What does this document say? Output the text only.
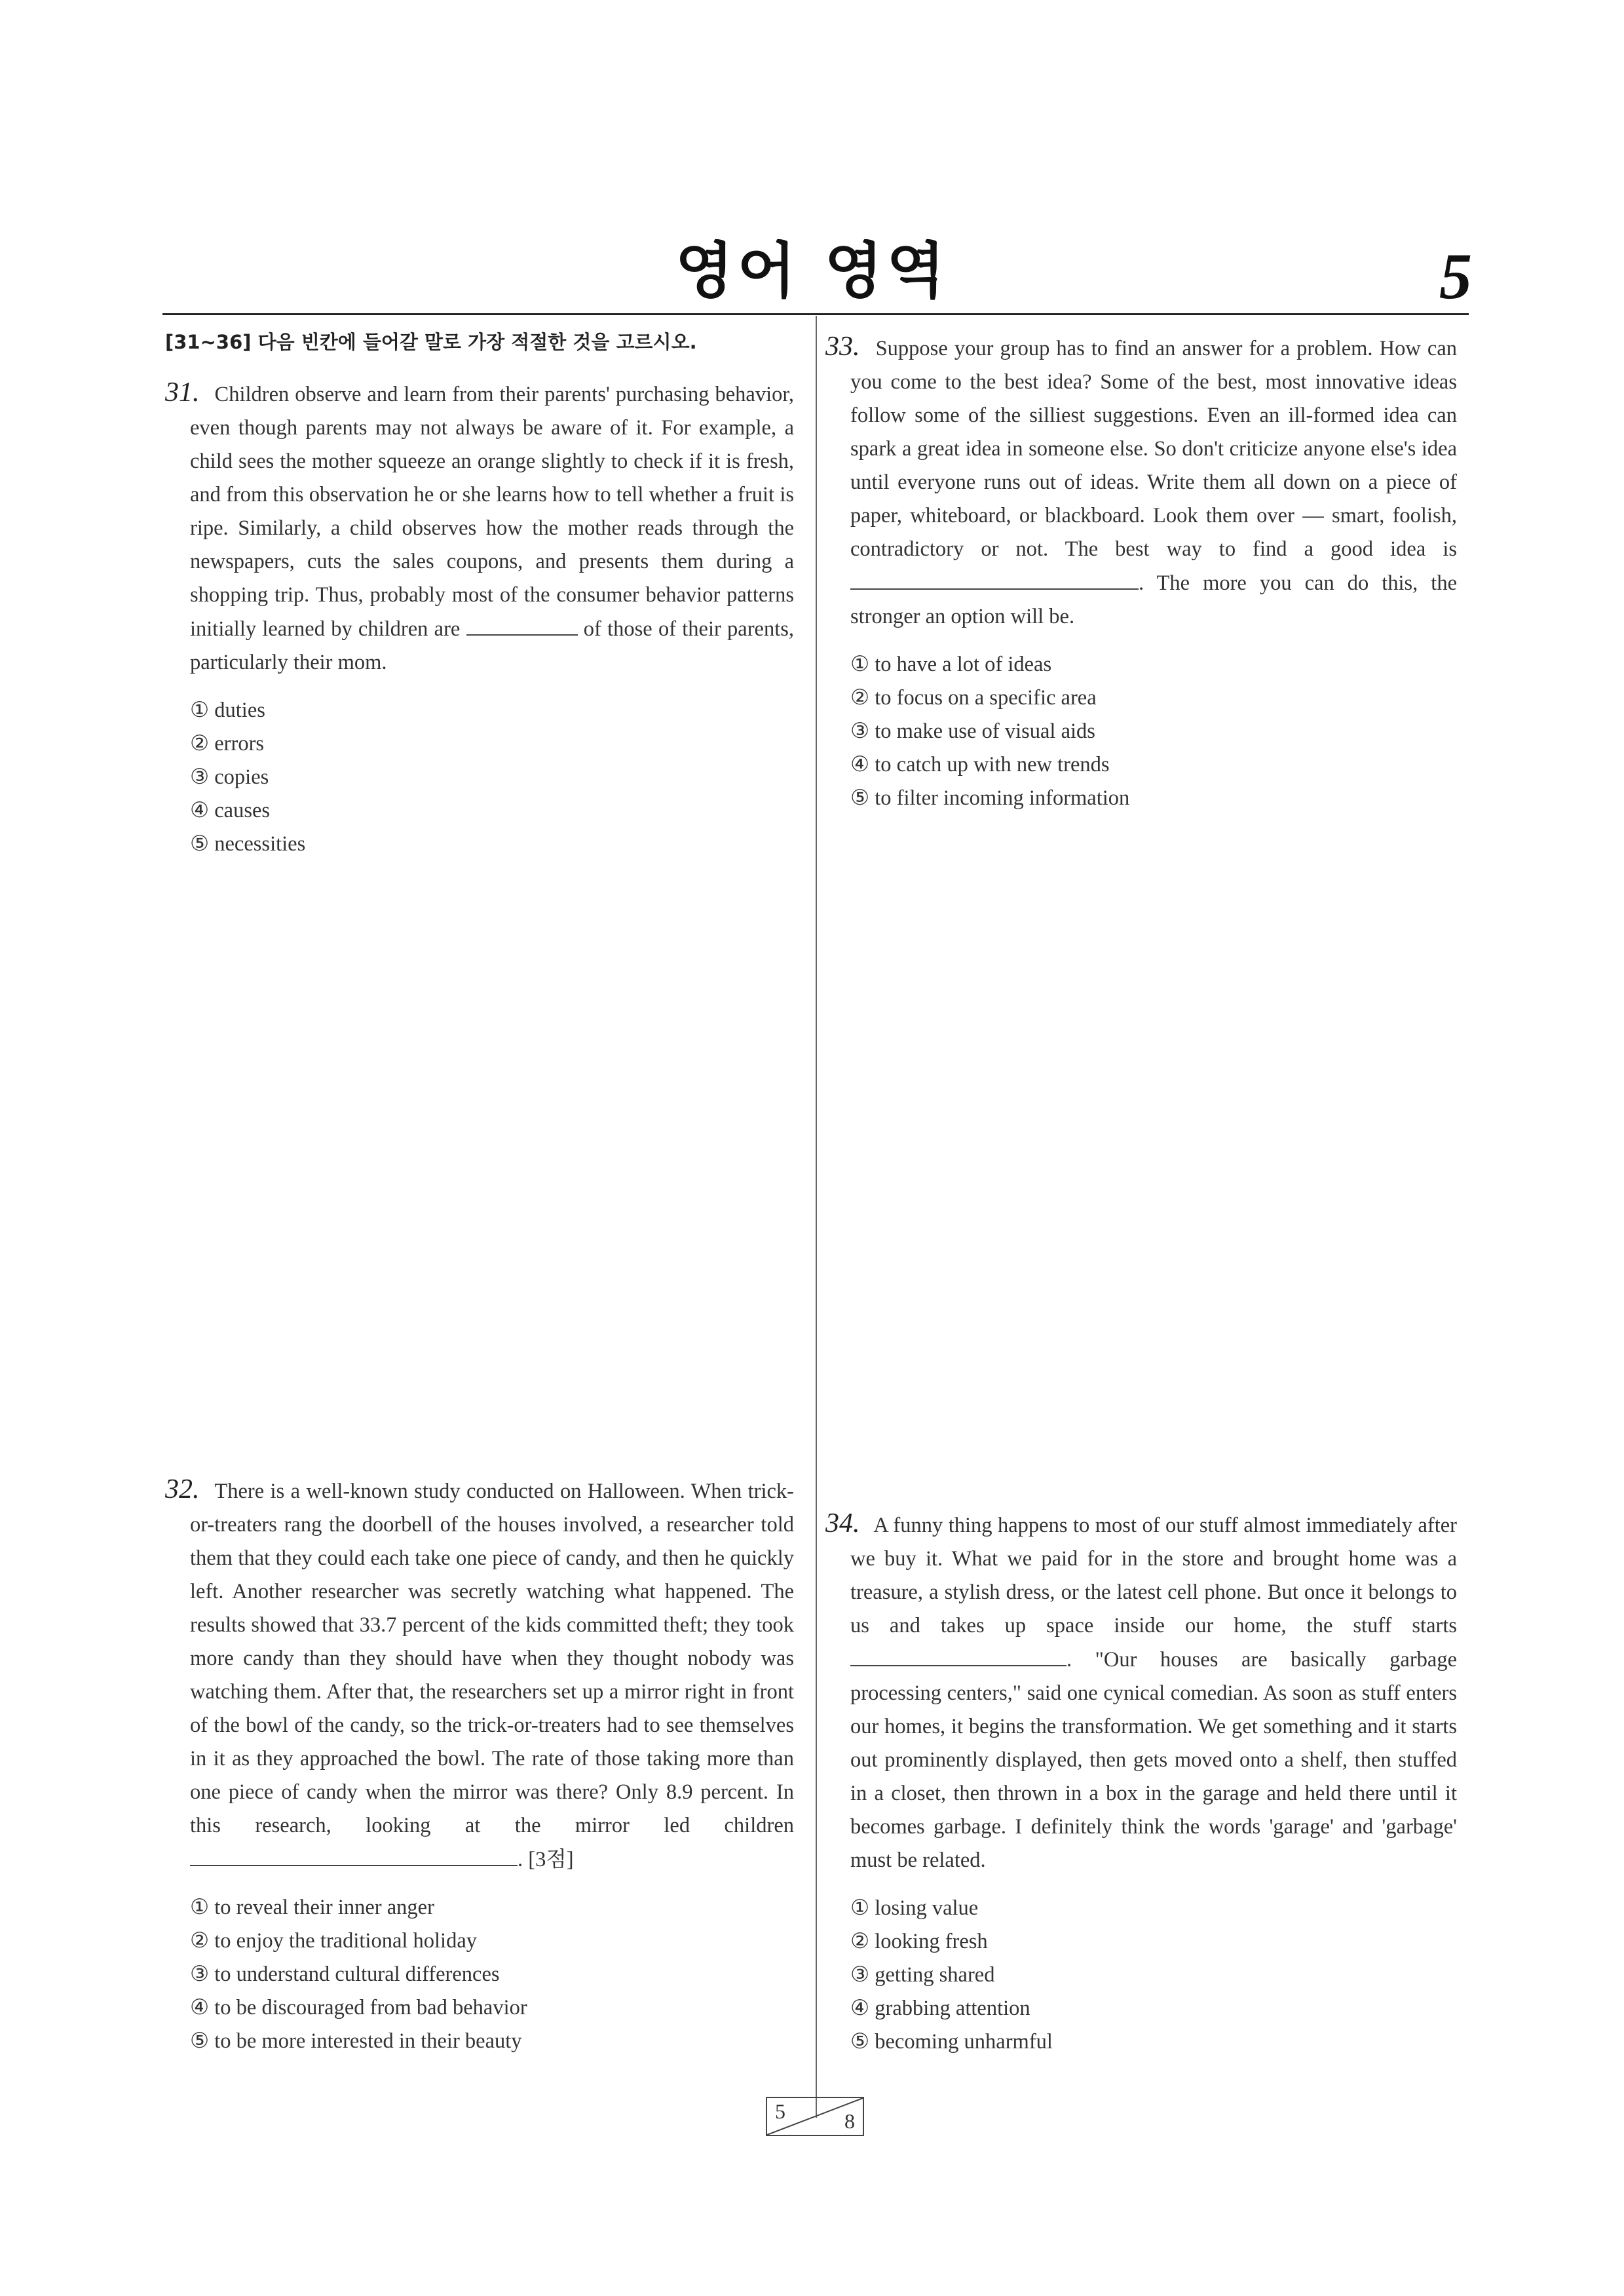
영어 영역	5
[31~36] 다음 빈칸에 들어갈 말로 가장 적절한 것을 고르시오.
31. Children observe and learn from their parents' purchasing behavior, even though parents may not always be aware of it. For example, a child sees the mother squeeze an orange slightly to check if it is fresh, and from this observation he or she learns how to tell whether a fruit is ripe. Similarly, a child observes how the mother reads through the newspapers, cuts the sales coupons, and presents them during a shopping trip. Thus, probably most of the consumer behavior patterns initially learned by children are	of those of their parents, particularly their mom.
① duties
② errors
③ copies
④ causes
⑤ necessities
32. There is a well-known study conducted on Halloween. When trick-or-treaters rang the doorbell of the houses involved, a researcher told them that they could each take one piece of candy, and then he quickly left. Another researcher was secretly watching what happened. The results showed that 33.7 percent of the kids committed theft; they took more candy than they should have when they thought nobody was watching them. After that, the researchers set up a mirror right in front of the bowl of the candy, so the trick-or-treaters had to see themselves in it as they approached the bowl. The rate of those taking more than one piece of candy when the mirror was there? Only 8.9 percent. In this research, looking at the mirror led children . [3점]
① to reveal their inner anger
② to enjoy the traditional holiday
③ to understand cultural differences
④ to be discouraged from bad behavior
⑤ to be more interested in their beauty
33. Suppose your group has to find an answer for a problem. How can you come to the best idea? Some of the best, most innovative ideas follow some of the silliest suggestions. Even an ill-formed idea can spark a great idea in someone else. So don't criticize anyone else's idea until everyone runs out of ideas. Write them all down on a piece of paper, whiteboard, or blackboard. Look them over — smart, foolish, contradictory or not. The best way to find a good idea is . The more you can do this, the stronger an option will be.
① to have a lot of ideas
② to focus on a specific area
③ to make use of visual aids
④ to catch up with new trends
⑤ to filter incoming information
34. A funny thing happens to most of our stuff almost immediately after we buy it. What we paid for in the store and brought home was a treasure, a stylish dress, or the latest cell phone. But once it belongs to us and takes up space inside our home, the stuff starts . "Our houses are basically garbage processing centers," said one cynical comedian. As soon as stuff enters our homes, it begins the transformation. We get something and it starts out prominently displayed, then gets moved onto a shelf, then stuffed in a closet, then thrown in a box in the garage and held there until it becomes garbage. I definitely think the words 'garage' and 'garbage' must be related.
① losing value
② looking fresh
③ getting shared
④ grabbing attention
⑤ becoming unharmful
5	8
